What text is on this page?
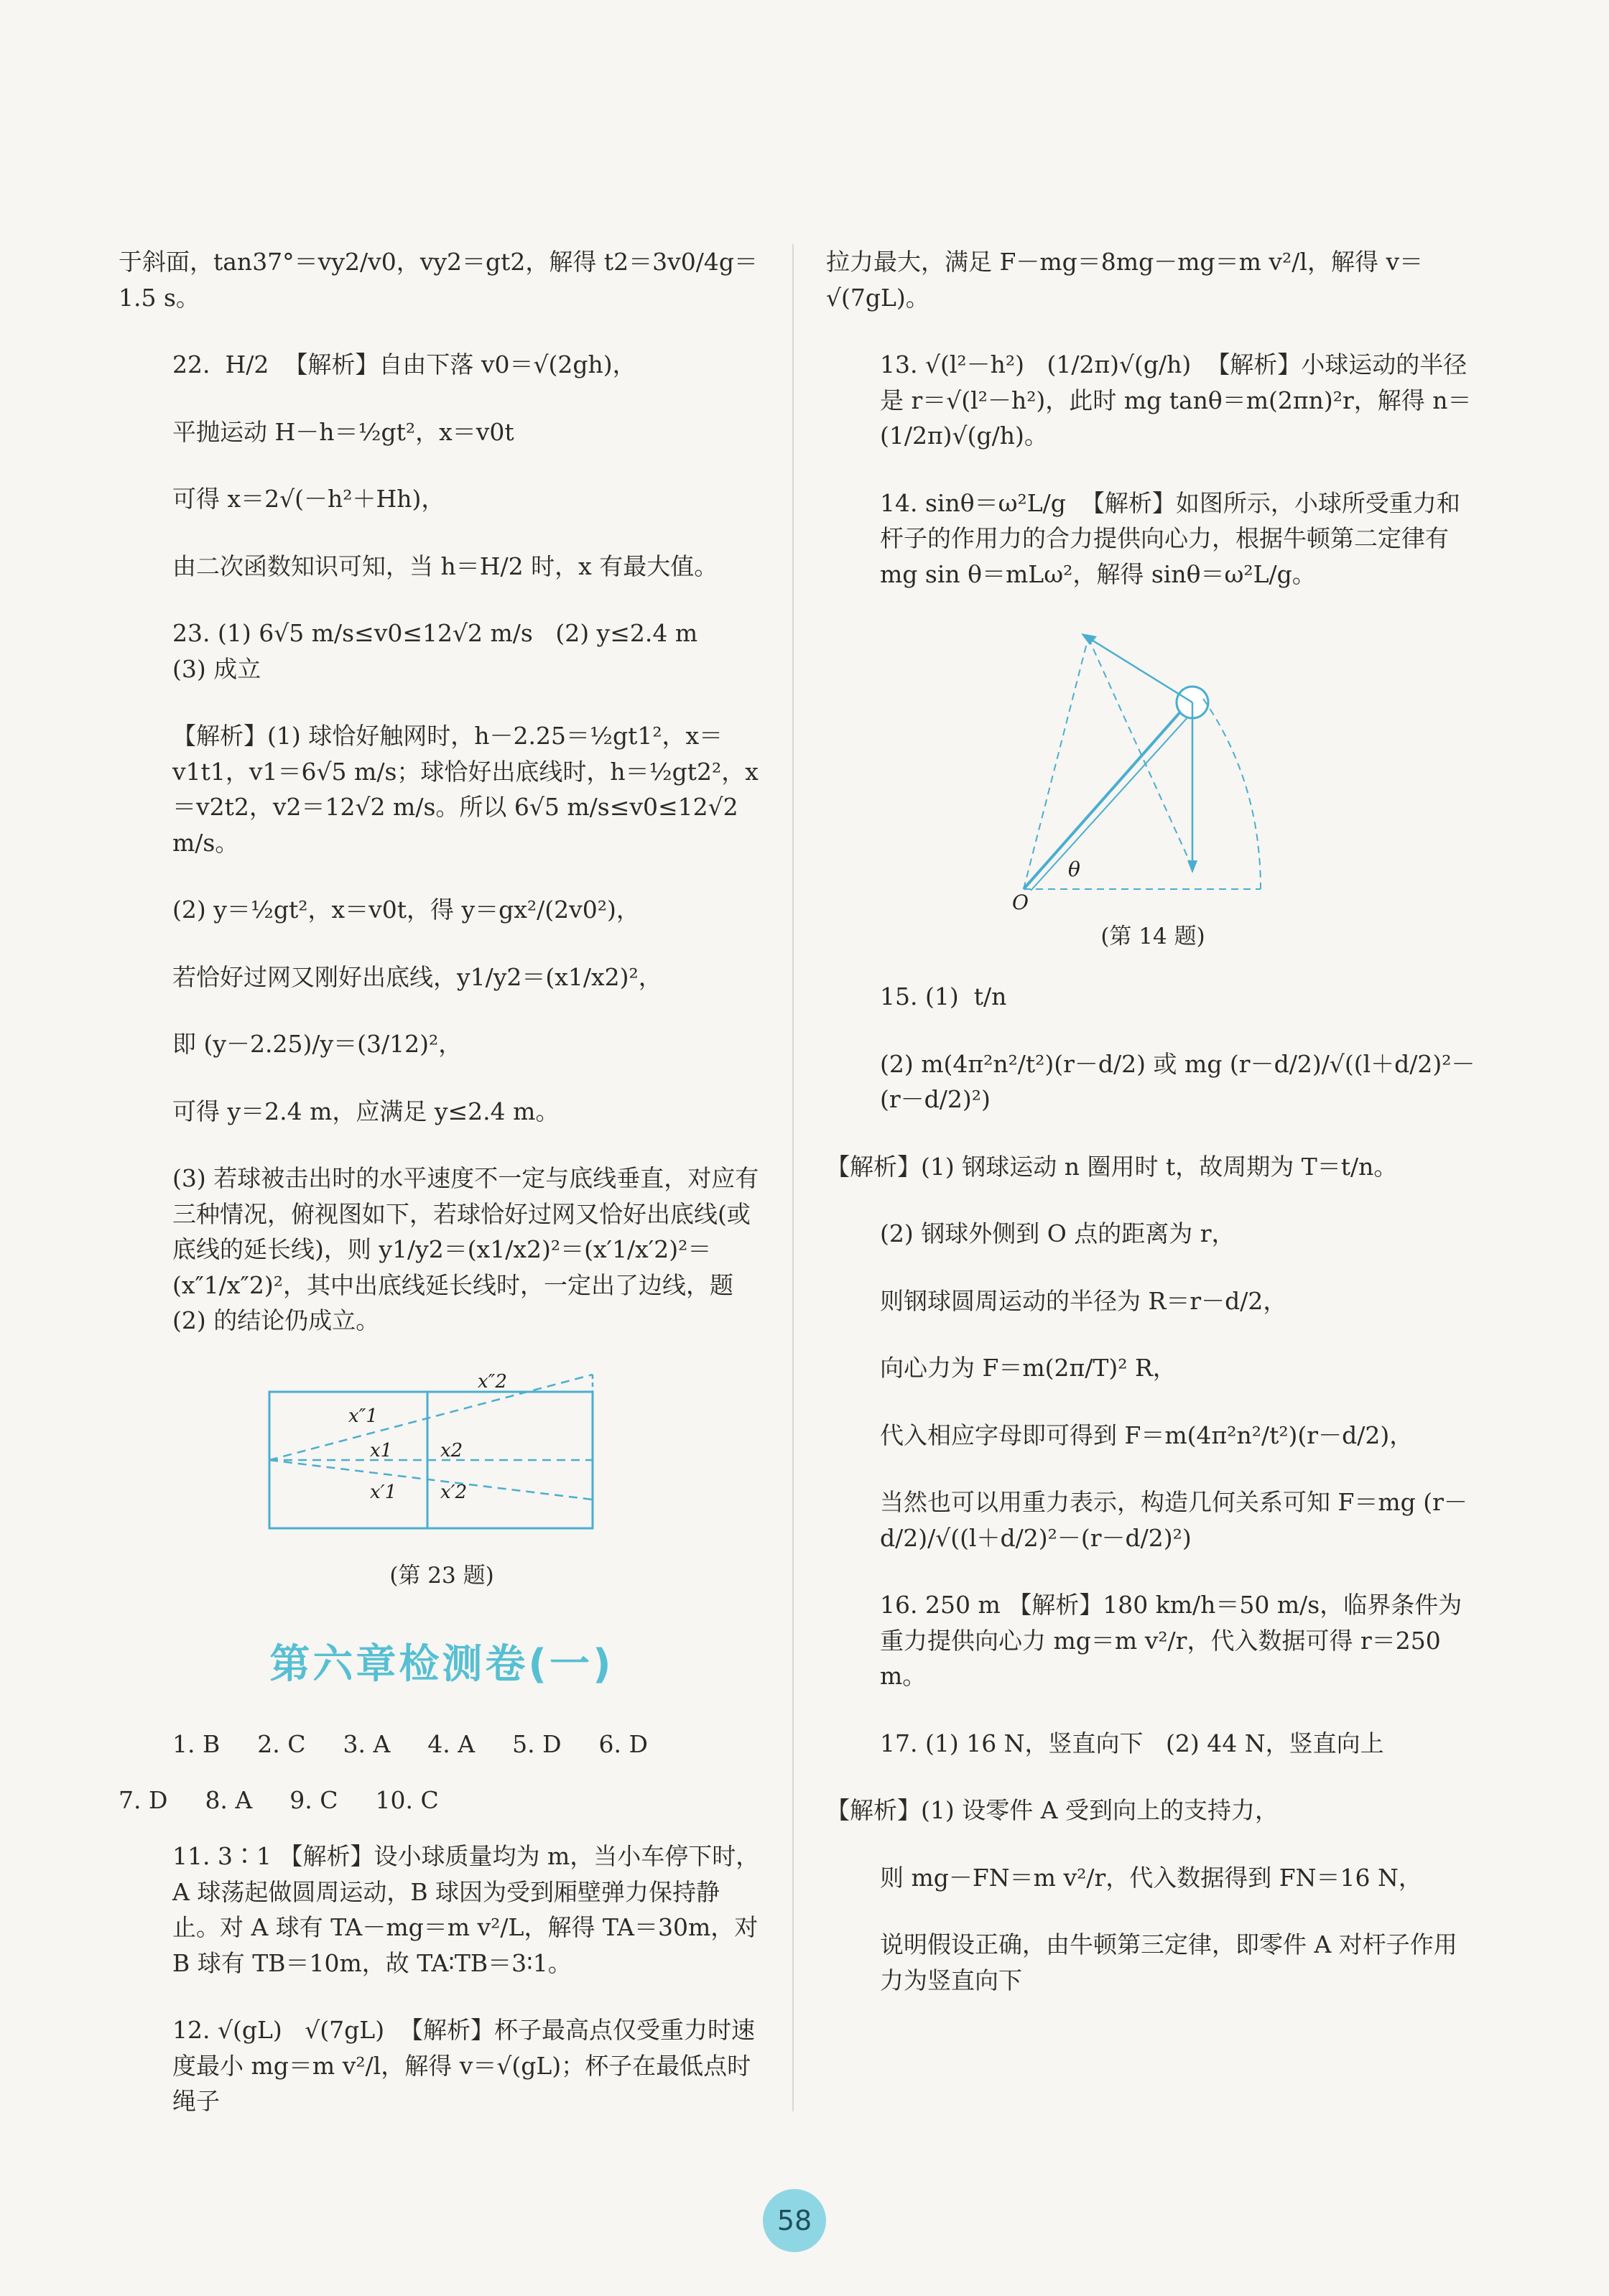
于斜面，tan37°＝vy2/v0，vy2＝gt2，解得 t2＝3v0/4g＝1.5 s。

22.  H/2  【解析】自由下落 v0＝√(2gh)，

平抛运动 H－h＝½gt²，x＝v0t

可得 x＝2√(－h²＋Hh)，

由二次函数知识可知，当 h＝H/2 时，x 有最大值。

23. (1) 6√5 m/s≤v0≤12√2 m/s   (2) y≤2.4 m
(3) 成立

【解析】(1) 球恰好触网时，h－2.25＝½gt1²，x＝v1t1，v1＝6√5 m/s；球恰好出底线时，h＝½gt2²，x＝v2t2，v2＝12√2 m/s。所以 6√5 m/s≤v0≤12√2 m/s。

(2) y＝½gt²，x＝v0t，得 y＝gx²/(2v0²)，

若恰好过网又刚好出底线，y1/y2＝(x1/x2)²，

即 (y－2.25)/y＝(3/12)²，

可得 y＝2.4 m，应满足 y≤2.4 m。

(3) 若球被击出时的水平速度不一定与底线垂直，对应有三种情况，俯视图如下，若球恰好过网又恰好出底线(或底线的延长线)，则 y1/y2＝(x1/x2)²＝(x′1/x′2)²＝(x″1/x″2)²，其中出底线延长线时，一定出了边线，题(2) 的结论仍成立。

x″2
x″1
x1	x2
x′1 x′2

(第 23 题)

第六章检测卷(一)
1. B 2. C 3. A 4. A 5. D 6. D
7. D 8. A 9. C 10. C

11. 3∶1 【解析】设小球质量均为 m，当小车停下时，A 球荡起做圆周运动，B 球因为受到厢壁弹力保持静止。对 A 球有 TA－mg＝m v²/L，解得 TA＝30m，对 B 球有 TB＝10m，故 TA∶TB＝3∶1。

12. √(gL)   √(7gL)  【解析】杯子最高点仅受重力时速度最小 mg＝m v²/l，解得 v＝√(gL)；杯子在最低点时绳子

拉力最大，满足 F－mg＝8mg－mg＝m v²/l，解得 v＝√(7gL)。

13. √(l²－h²)   (1/2π)√(g/h)  【解析】小球运动的半径是 r＝√(l²－h²)，此时 mg tanθ＝m(2πn)²r，解得 n＝(1/2π)√(g/h)。

14. sinθ＝ω²L/g  【解析】如图所示，小球所受重力和杆子的作用力的合力提供向心力，根据牛顿第二定律有 mg sin θ＝mLω²，解得 sinθ＝ω²L/g。

θ
O

(第 14 题)

15. (1)  t/n

(2) m(4π²n²/t²)(r－d/2) 或 mg (r－d/2)/√((l＋d/2)²－(r－d/2)²)

【解析】(1) 钢球运动 n 圈用时 t，故周期为 T＝t/n。

(2) 钢球外侧到 O 点的距离为 r，

则钢球圆周运动的半径为 R＝r－d/2，

向心力为 F＝m(2π/T)² R，

代入相应字母即可得到 F＝m(4π²n²/t²)(r－d/2)，

当然也可以用重力表示，构造几何关系可知 F＝mg (r－d/2)/√((l＋d/2)²－(r－d/2)²)

16. 250 m 【解析】180 km/h＝50 m/s，临界条件为重力提供向心力 mg＝m v²/r，代入数据可得 r＝250 m。

17. (1) 16 N，竖直向下   (2) 44 N，竖直向上

【解析】(1) 设零件 A 受到向上的支持力，

则 mg－FN＝m v²/r，代入数据得到 FN＝16 N，

说明假设正确，由牛顿第三定律，即零件 A 对杆子作用力为竖直向下

58
